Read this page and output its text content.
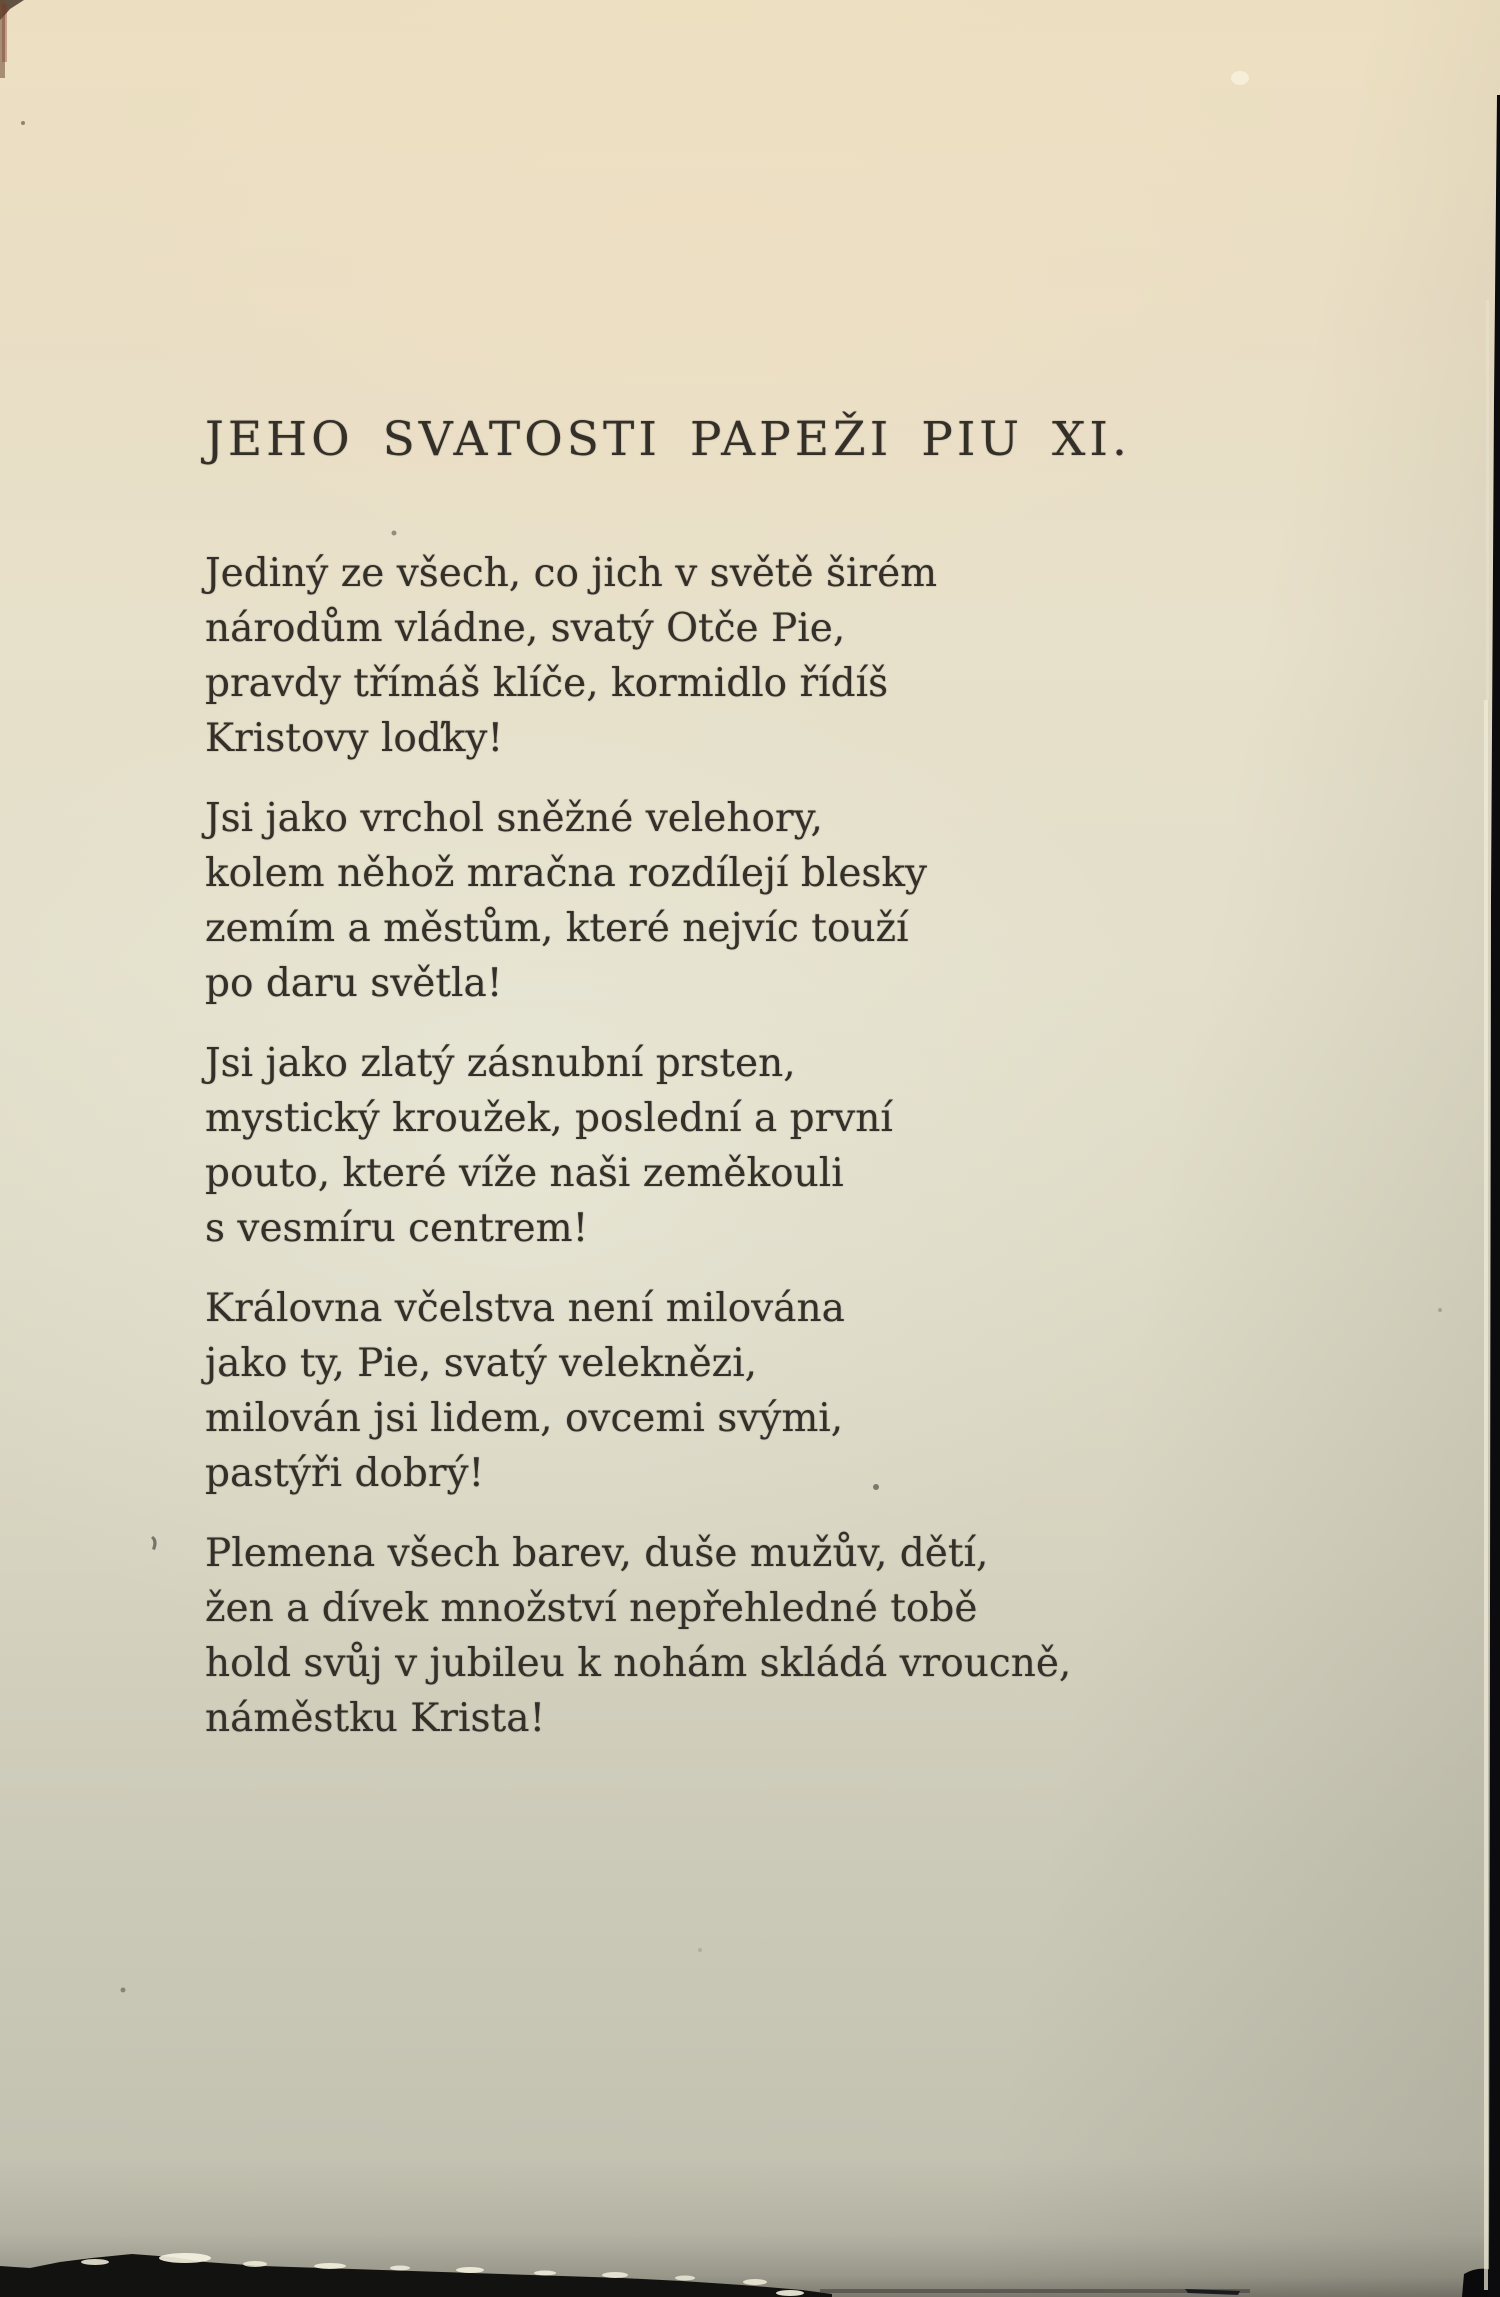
JEHO SVATOSTI PAPEŽI PIU XI.

Jediný ze všech, co jich v světě širém

národům vládne, svatý Otče Pie,

pravdy třímáš klíče, kormidlo řídíš

Kristovy loďky!

Jsi jako vrchol sněžné velehory,

kolem něhož mračna rozdílejí blesky

zemím a městům, které nejvíc touží

po daru světla!

Jsi jako zlatý zásnubní prsten,

mystický kroužek, poslední a první

pouto, které víže naši zeměkouli

s vesmíru centrem!

Královna včelstva není milována

jako ty, Pie, svatý veleknězi,

milován jsi lidem, ovcemi svými,

pastýři dobrý!

Plemena všech barev, duše mužův, dětí,

žen a dívek množství nepřehledné tobě

hold svůj v jubileu k nohám skládá vroucně,

náměstku Krista!
